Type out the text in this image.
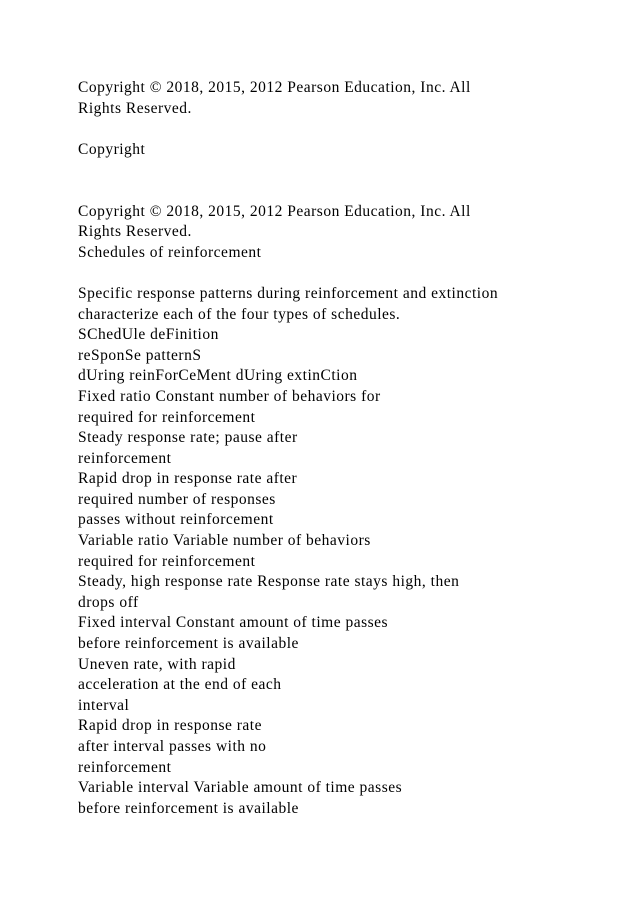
Copyright © 2018, 2015, 2012 Pearson Education, Inc. All
Rights Reserved.
Copyright
Copyright © 2018, 2015, 2012 Pearson Education, Inc. All
Rights Reserved.
Schedules of reinforcement
Specific response patterns during reinforcement and extinction
characterize each of the four types of schedules.
SChedUle deFinition
reSponSe patternS
dUring reinForCeMent dUring extinCtion
Fixed ratio Constant number of behaviors for
required for reinforcement
Steady response rate; pause after
reinforcement
Rapid drop in response rate after
required number of responses
passes without reinforcement
Variable ratio Variable number of behaviors
required for reinforcement
Steady, high response rate Response rate stays high, then
drops off
Fixed interval Constant amount of time passes
before reinforcement is available
Uneven rate, with rapid
acceleration at the end of each
interval
Rapid drop in response rate
after interval passes with no
reinforcement
Variable interval Variable amount of time passes
before reinforcement is available
